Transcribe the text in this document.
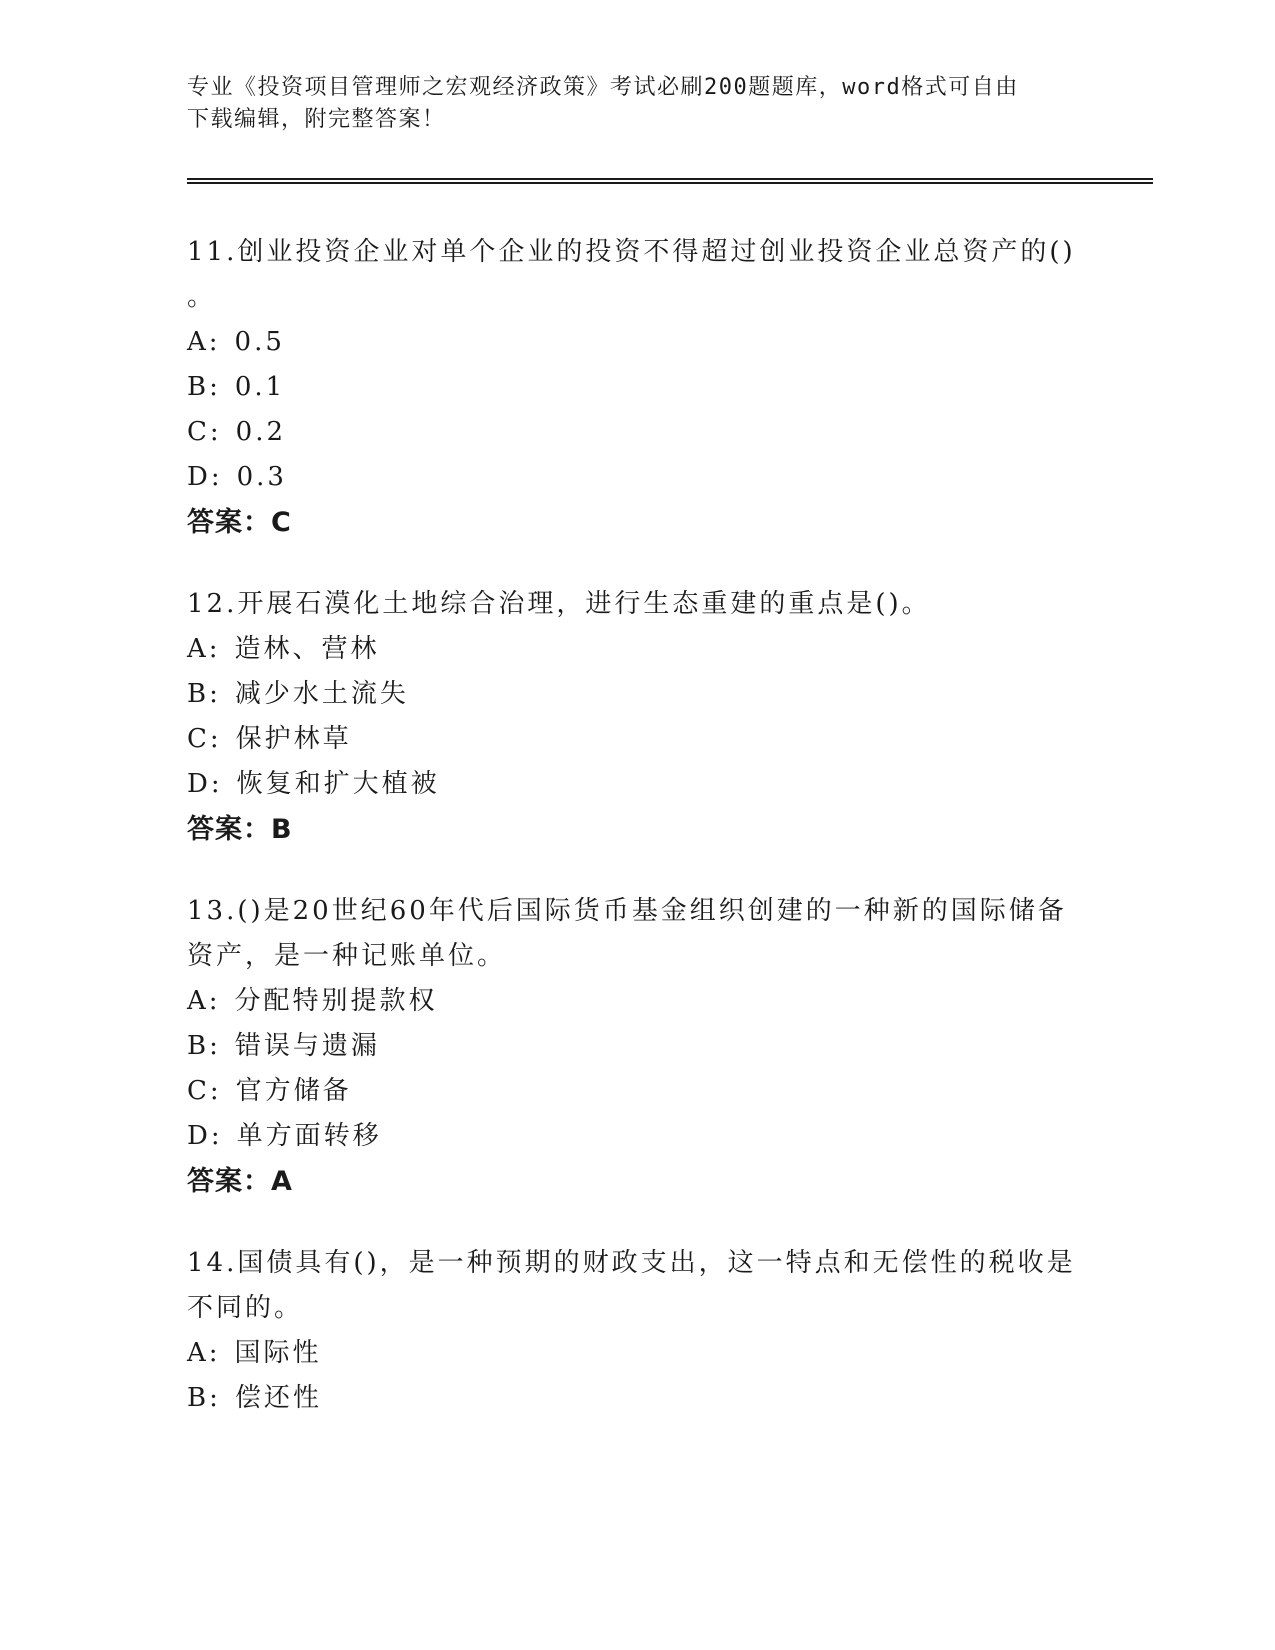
专业《投资项目管理师之宏观经济政策》考试必刷200题题库，word格式可自由
下载编辑，附完整答案！
11.创业投资企业对单个企业的投资不得超过创业投资企业总资产的()
。
A : 0.5
B : 0.1
C : 0.2
D : 0.3
答案：C
12.开展石漠化土地综合治理，进行生态重建的重点是()。
A : 造林、营林
B : 减少水土流失
C : 保护林草
D : 恢复和扩大植被
答案：B
13.()是20世纪60年代后国际货币基金组织创建的一种新的国际储备
资产，是一种记账单位。
A : 分配特别提款权
B : 错误与遗漏
C : 官方储备
D : 单方面转移
答案：A
14.国债具有()，是一种预期的财政支出，这一特点和无偿性的税收是
不同的。
A : 国际性
B : 偿还性
